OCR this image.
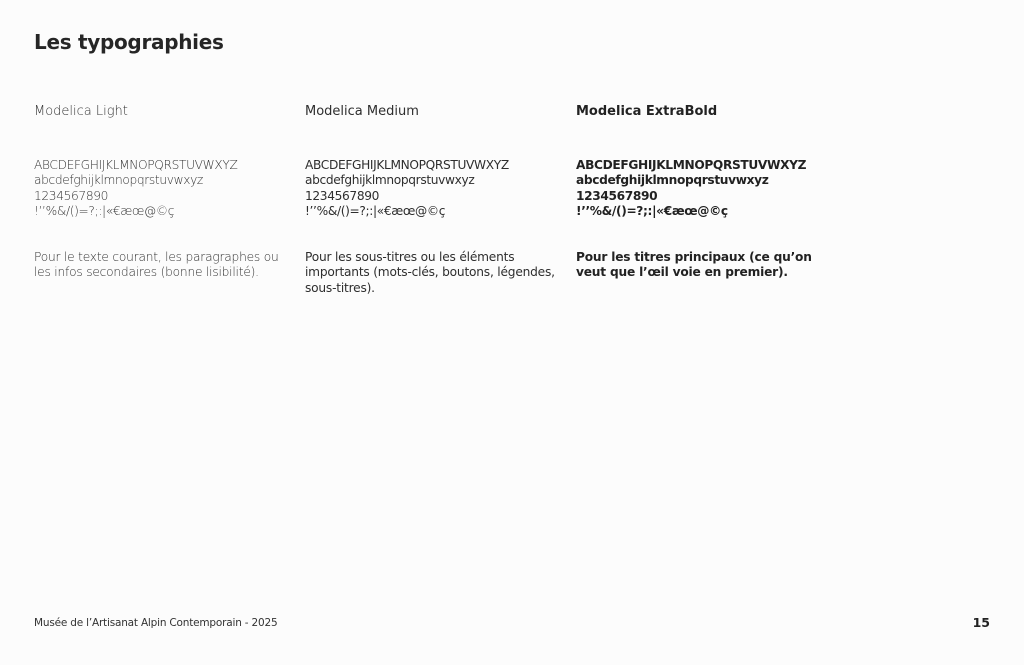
Les typographies
Modelica Light
ABCDEFGHIJKLMNOPQRSTUVWXYZ
abcdefghijklmnopqrstuvwxyz
1234567890
!’’%&/()=?;:|«€æœ@©ç
Pour le texte courant, les paragraphes ou les infos secondaires (bonne lisibilité).
Modelica Medium
ABCDEFGHIJKLMNOPQRSTUVWXYZ
abcdefghijklmnopqrstuvwxyz
1234567890
!’’%&/()=?;:|«€æœ@©ç
Pour les sous-titres ou les éléments importants (mots-clés, boutons, légendes, sous-titres).
Modelica ExtraBold
ABCDEFGHIJKLMNOPQRSTUVWXYZ
abcdefghijklmnopqrstuvwxyz
1234567890
!’’%&/()=?;:|«€æœ@©ç
Pour les titres principaux (ce qu’on veut que l’œil voie en premier).
Musée de l’Artisanat Alpin Contemporain - 2025	15
